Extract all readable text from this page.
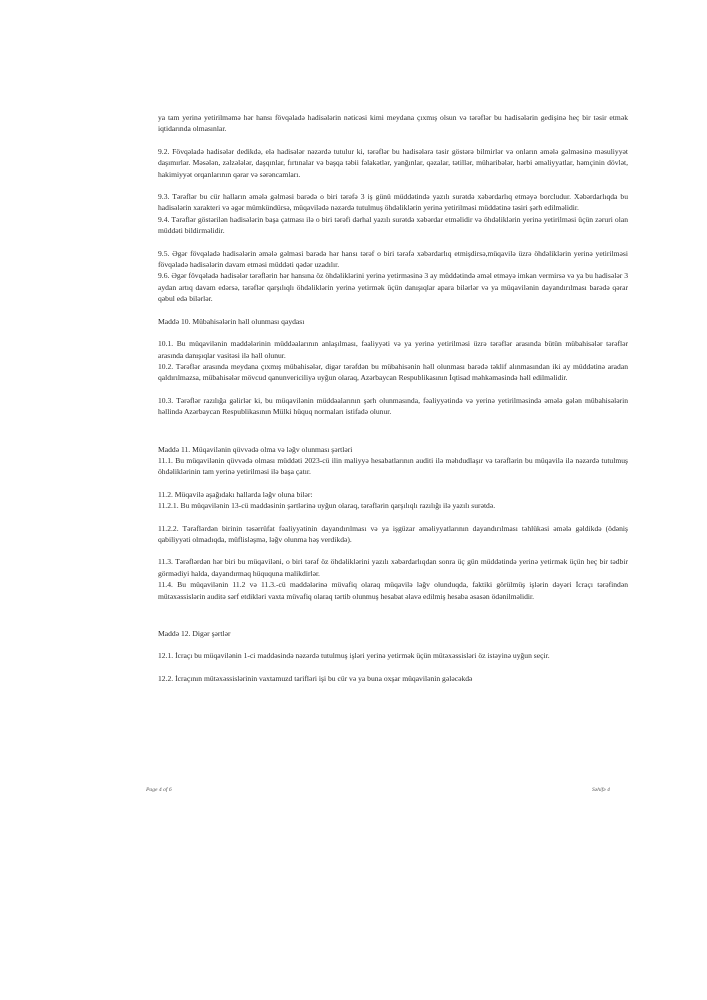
ya tam yerinə yetirilməmə hər hansı fövqəladə hadisələrin nəticəsi kimi meydana çıxmış olsun və tərəflər bu hadisələrin gedişinə heç bir təsir etmək iqtidarında olmasınlar.

9.2. Fövqəladə hadisələr dedikdə, elə hadisələr nəzərdə tutulur ki, tərəflər bu hadisələrə təsir göstərə bilmirlər və onların əmələ gəlməsinə məsuliyyət daşımırlar. Məsələn, zəlzələlər, daşqınlar, fırtınalar və başqa təbii fəlakətlər, yanğınlar, qəzalar, tətillər, müharibələr, hərbi əməliyyatlar, həmçinin dövlət, hakimiyyət orqanlarının qərar və sərəncamları.

9.3. Tərəflər bu cür halların əmələ gəlməsi barədə o biri tərəfə 3 iş günü müddətində yazılı surətdə xəbərdarlıq etməyə borcludur. Xəbərdarlıqda bu hadisələrin xarakteri və əgər mümkündürsə, müqavilədə nəzərdə tutulmuş öhdəliklərin yerinə yetirilməsi müddətinə təsiri şərh edilməlidir.

9.4. Tərəflər göstərilən hadisələrin başa çatması ilə o biri tərəfi dərhal yazılı surətdə xəbərdar etməlidir və öhdəliklərin yerinə yetirilməsi üçün zəruri olan müddəti bildirməlidir.

9.5. Əgər fövqəladə hadisələrin əmələ gəlməsi barədə hər hansı tərəf o biri tərəfə xəbərdarlıq etmişdirsə,müqavilə üzrə öhdəliklərin yerinə yetirilməsi fövqəladə hadisələrin davam etməsi müddəti qədər uzadılır.

9.6. Əgər fövqəladə hadisələr tərəflərin hər hansına öz öhdəliklərini yerinə yetirməsinə 3 ay müddətində əməl etməyə imkan vermirsə və ya bu hadisələr 3 aydan artıq davam edərsə, tərəflər qarşılıqlı öhdəliklərin yerinə yetirmək üçün danışıqlar apara bilərlər və ya müqavilənin dayandırılması barədə qərar qəbul edə bilərlər.

Maddə 10. Mübahisələrin həll olunması qaydası

10.1. Bu müqavilənin maddələrinin müddəalarının anlaşılması, fəaliyyəti və ya yerinə yetirilməsi üzrə tərəflər arasında bütün mübahisələr tərəflər arasında danışıqlar vasitəsi ilə həll olunur.

10.2. Tərəflər arasında meydana çıxmış mübahisələr, digər tərəfdən bu mübahisənin həll olunması barədə təklif alınmasından iki ay müddətinə aradan qaldırılmazsa, mübahisələr mövcud qanunvericiliyə uyğun olaraq, Azərbaycan Respublikasının İqtisad məhkəməsində həll edilməlidir.

10.3. Tərəflər razılığa gəlirlər ki, bu müqavilənin müddəalarının şərh olunmasında, fəaliyyətində və yerinə yetirilməsində əmələ gələn mübahisələrin həllində Azərbaycan Respublikasının Mülki hüquq normaları istifadə olunur.

Maddə 11. Müqavilənin qüvvədə olma və ləğv olunması şərtləri

11.1. Bu müqavilənin qüvvədə olması müddəti 2023-cü ilin maliyyə hesabatlarının auditi ilə məhdudlaşır və tərəflərin bu müqavilə ilə nəzərdə tutulmuş öhdəliklərinin tam yerinə yetirilməsi ilə başa çatır.

11.2. Müqavilə aşağıdakı hallarda ləğv oluna bilər:

11.2.1. Bu müqavilənin 13-cü maddəsinin şərtlərinə uyğun olaraq, tərəflərin qarşılıqlı razılığı ilə yazılı surətdə.

11.2.2. Tərəflərdən birinin təsərrüfat fəaliyyətinin dayandırılması və ya işgüzar əməliyyatlarının dayandırılması təhlükəsi əmələ gəldikdə (ödəniş qabiliyyəti olmadıqda, müflisləşmə, ləğv olunma həş verdikdə).

11.3. Tərəflərdən hər biri bu müqaviləni, o biri tərəf öz öhdəliklərini yazılı xəbərdarlıqdan sonra üç gün müddətində yerinə yetirmək üçün heç bir tədbir görmədiyi halda, dayandırmaq hüququna malikdirlər.

11.4. Bu müqavilənin 11.2 və 11.3.-cü maddələrinə müvafiq olaraq müqavilə ləğv olunduqda, faktiki görülmüş işlərin dəyəri İcraçı tərəfindən mütəxəssislərin auditə sərf etdikləri vaxta müvafiq olaraq tərtib olunmuş hesabat əlavə edilmiş hesaba əsasən ödənilməlidir.

Maddə 12. Digər şərtlər

12.1. İcraçı bu müqavilənin 1-ci maddəsində nəzərdə tutulmuş işləri yerinə yetirmək üçün mütəxəssisləri öz istəyinə uyğun seçir.

12.2. İcraçının mütəxəssislərinin vaxtamuzd tarifləri işi bu cür və ya buna oxşar müqavilənin gələcəkdə

Page 4 of 6	Səhifə 4
